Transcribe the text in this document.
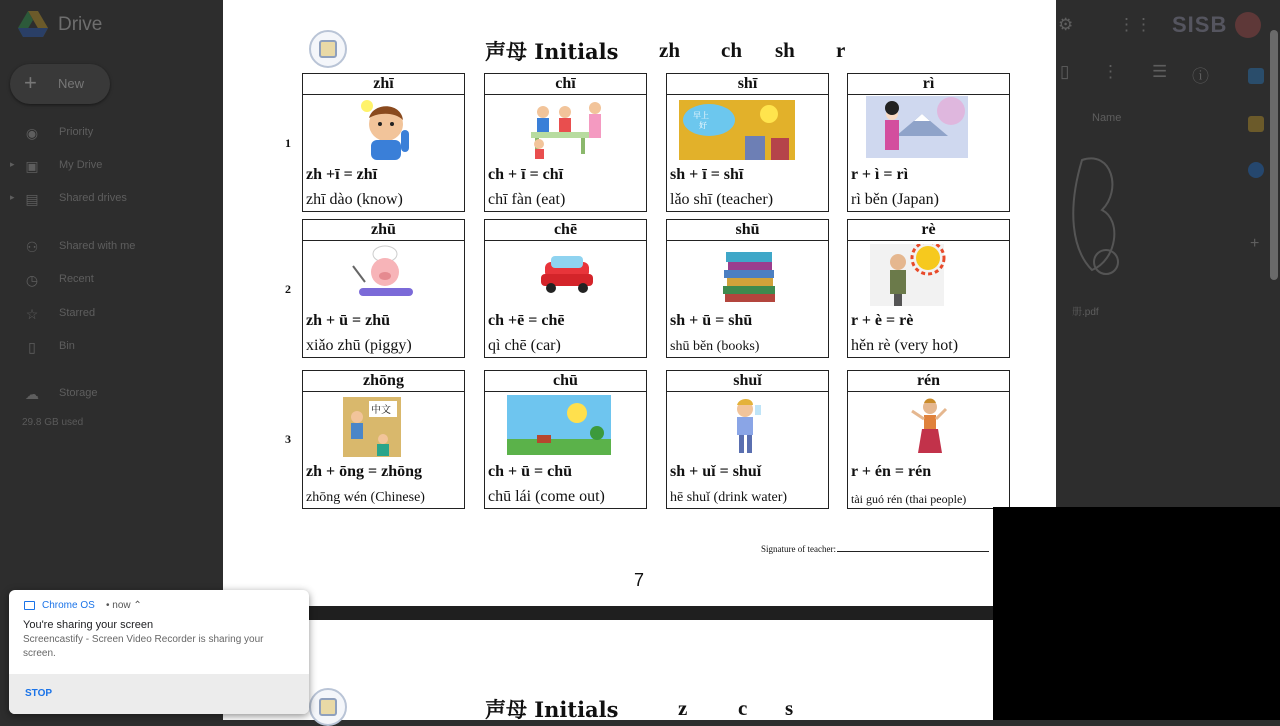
Drive
+ New
◉ Priority
▸ ▣ My Drive
▸ ▤ Shared drives
⚇ Shared with me
◷ Recent
☆ Starred
▯	Bin
☁ Storage
29.8 GB used
⚙	⋮⋮ SISB
▯ ⋮ ☰ ⓘ
Name
册.pdf
+
声母 Initials zh ch sh r
1
zhī
zh +ī = zhī
zhī dào (know)
chī
ch + ī = chī
chī fàn (eat)
shī
早上
好
sh + ī = shī
lǎo shī (teacher)
rì
r + ì = rì
rì běn (Japan)
2
zhū
zh + ū = zhū
xiǎo zhū (piggy)
chē
ch +ē = chē
qì chē (car)
shū
sh + ū = shū
shū běn (books)
rè
r + è = rè
hěn rè (very hot)
3
zhōng
中文
zh + ōng = zhōng
zhōng wén (Chinese)
chū
ch + ū = chū
chū lái (come out)
shuǐ
sh + uǐ = shuǐ
hē shuǐ (drink water)
rén
r + én = rén
tài guó rén (thai people)
Signature of teacher:
7
声母 Initials	z c s
Chrome OS • now ⌃
You're sharing your screen
Screencastify - Screen Video Recorder is sharing your screen.
STOP
